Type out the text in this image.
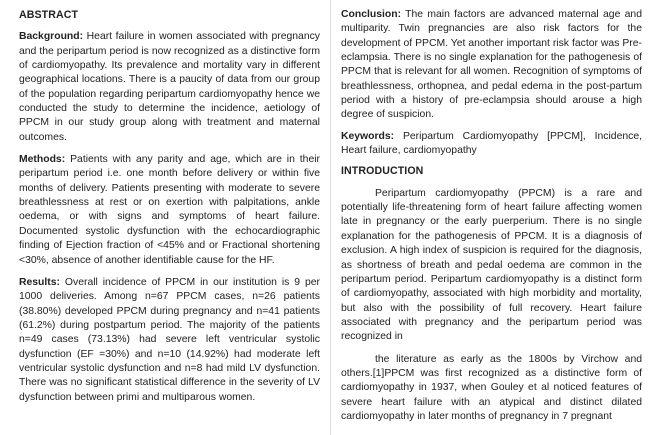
ABSTRACT

Background: Heart failure in women associated with pregnancy and the peripartum period is now recognized as a distinctive form of cardiomyopathy. Its prevalence and mortality vary in different geographical locations. There is a paucity of data from our group of the population regarding peripartum cardiomyopathy hence we conducted the study to determine the incidence, aetiology of PPCM in our study group along with treatment and maternal outcomes.

Methods: Patients with any parity and age, which are in their peripartum period i.e. one month before delivery or within five months of delivery. Patients presenting with moderate to severe breathlessness at rest or on exertion with palpitations, ankle oedema, or with signs and symptoms of heart failure. Documented systolic dysfunction with the echocardiographic finding of Ejection fraction of <45% and or Fractional shortening <30%, absence of another identifiable cause for the HF.

Results: Overall incidence of PPCM in our institution is 9 per 1000 deliveries. Among n=67 PPCM cases, n=26 patients (38.80%) developed PPCM during pregnancy and n=41 patients (61.2%) during postpartum period. The majority of the patients n=49 cases (73.13%) had severe left ventricular systolic dysfunction (EF =30%) and n=10 (14.92%) had moderate left ventricular systolic dysfunction and n=8 had mild LV dysfunction. There was no significant statistical difference in the severity of LV dysfunction between primi and multiparous women.

Conclusion: The main factors are advanced maternal age and multiparity. Twin pregnancies are also risk factors for the development of PPCM. Yet another important risk factor was Pre-eclampsia. There is no single explanation for the pathogenesis of PPCM that is relevant for all women. Recognition of symptoms of breathlessness, orthopnea, and pedal edema in the post-partum period with a history of pre-eclampsia should arouse a high degree of suspicion.

Keywords: Peripartum Cardiomyopathy [PPCM], Incidence, Heart failure, cardiomyopathy

INTRODUCTION

Peripartum cardiomyopathy (PPCM) is a rare and potentially life-threatening form of heart failure affecting women late in pregnancy or the early puerperium. There is no single explanation for the pathogenesis of PPCM. It is a diagnosis of exclusion. A high index of suspicion is required for the diagnosis, as shortness of breath and pedal oedema are common in the peripartum period. Peripartum cardiomyopathy is a distinct form of cardiomyopathy, associated with high morbidity and mortality, but also with the possibility of full recovery. Heart failure associated with pregnancy and the peripartum period was recognized in

the literature as early as the 1800s by Virchow and others.[1]PPCM was first recognized as a distinctive form of cardiomyopathy in 1937, when Gouley et al noticed features of severe heart failure with an atypical and distinct dilated cardiomyopathy in later months of pregnancy in 7 pregnant
